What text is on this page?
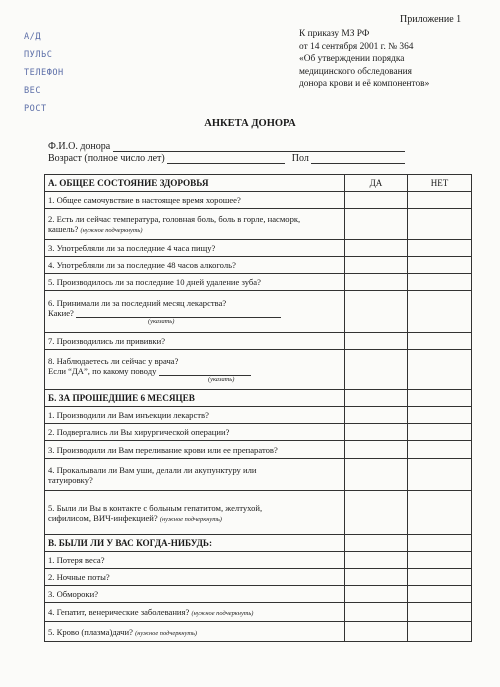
Приложение 1
К приказу МЗ РФ
от 14 сентября 2001 г. № 364
«Об утверждении порядка
медицинского обследования
донора крови и её компонентов»
А/Д
ПУЛЬС
ТЕЛЕФОН
ВЕС
РОСТ
АНКЕТА ДОНОРА
Ф.И.О. донора
Возраст (полное число лет)	Пол
А. ОБЩЕЕ СОСТОЯНИЕ ЗДОРОВЬЯ	ДА	НЕТ
1. Общее самочувствие в настоящее время хорошее?		
2. Есть ли сейчас температура, головная боль, боль в горле, насморк,
кашель? (нужное подчеркнуть)		
3. Употребляли ли за последние 4 часа пищу?		
4. Употребляли ли за последние 48 часов алкоголь?		
5. Производилось ли за последние 10 дней удаление зуба?		
6. Принимали ли за последний месяц лекарства?
Какие?
(указать)		

7. Производились ли прививки?		
8. Наблюдаетесь ли сейчас у врача?
Если “ДА”, по какому поводу
(указать)		

Б. ЗА ПРОШЕДШИЕ 6 МЕСЯЦЕВ		
1. Производили ли Вам инъекции лекарств?		
2. Подвергались ли Вы хирургической операции?		
3. Производили ли Вам переливание крови или ее препаратов?		
4. Прокалывали ли Вам уши, делали ли акупунктуру или
татуировку?		
5. Были ли Вы в контакте с больным гепатитом, желтухой,
сифилисом, ВИЧ-инфекцией? (нужное подчеркнуть)		
В. БЫЛИ ЛИ У ВАС КОГДА-НИБУДЬ:		
1. Потеря веса?		
2. Ночные поты?		
3. Обмороки?		
4. Гепатит, венерические заболевания? (нужное подчеркнуть)		
5. Кровo (плазма)дачи? (нужное подчеркнуть)		
